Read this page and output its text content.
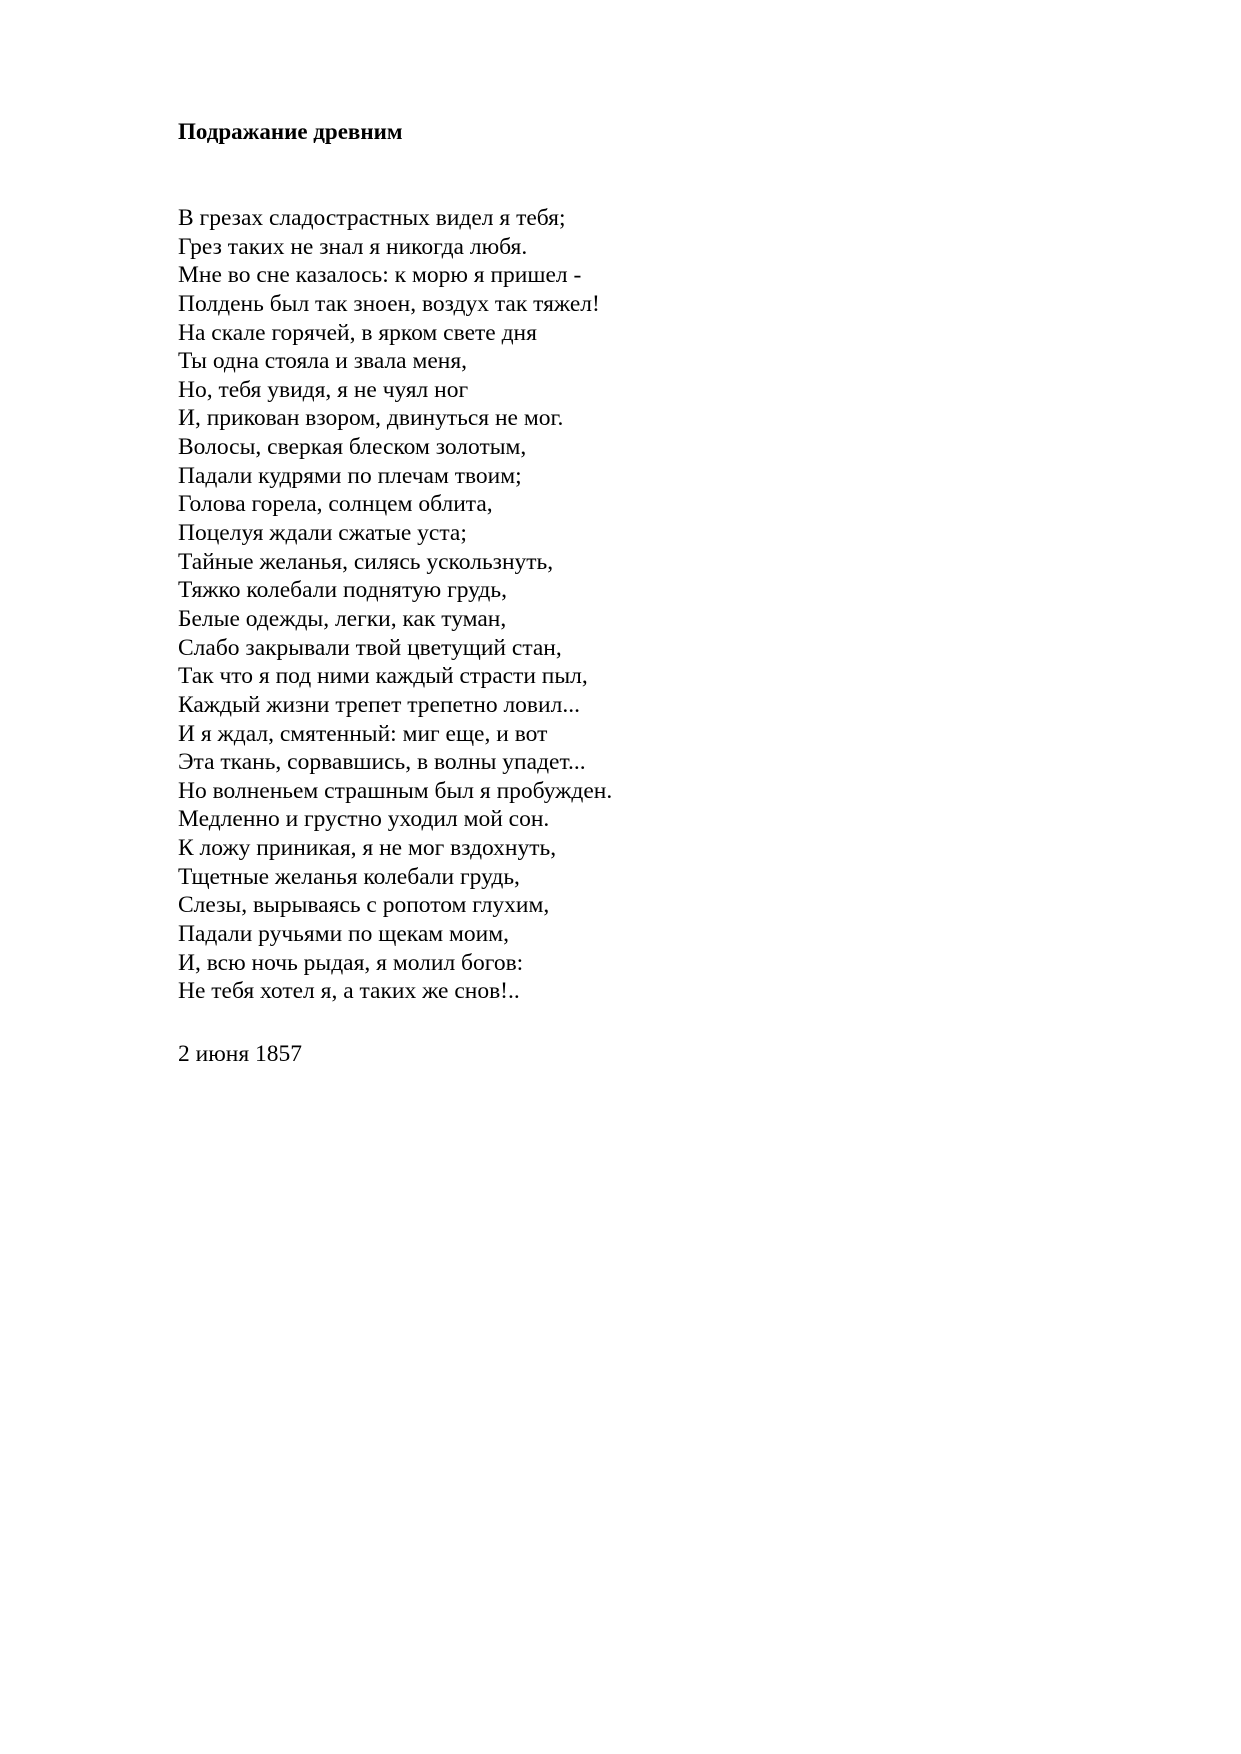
Подражание древним
В грезах сладострастных видел я тебя;
Грез таких не знал я никогда любя.
Мне во сне казалось: к морю я пришел -
Полдень был так зноен, воздух так тяжел!
На скале горячей, в ярком свете дня
Ты одна стояла и звала меня,
Но, тебя увидя, я не чуял ног
И, прикован взором, двинуться не мог.
Волосы, сверкая блеском золотым,
Падали кудрями по плечам твоим;
Голова горела, солнцем облита,
Поцелуя ждали сжатые уста;
Тайные желанья, силясь ускользнуть,
Тяжко колебали поднятую грудь,
Белые одежды, легки, как туман,
Слабо закрывали твой цветущий стан,
Так что я под ними каждый страсти пыл,
Каждый жизни трепет трепетно ловил...
И я ждал, смятенный: миг еще, и вот
Эта ткань, сорвавшись, в волны упадет...
Но волненьем страшным был я пробужден.
Медленно и грустно уходил мой сон.
К ложу приникая, я не мог вздохнуть,
Тщетные желанья колебали грудь,
Слезы, вырываясь с ропотом глухим,
Падали ручьями по щекам моим,
И, всю ночь рыдая, я молил богов:
Не тебя хотел я, а таких же снов!..

2 июня 1857
